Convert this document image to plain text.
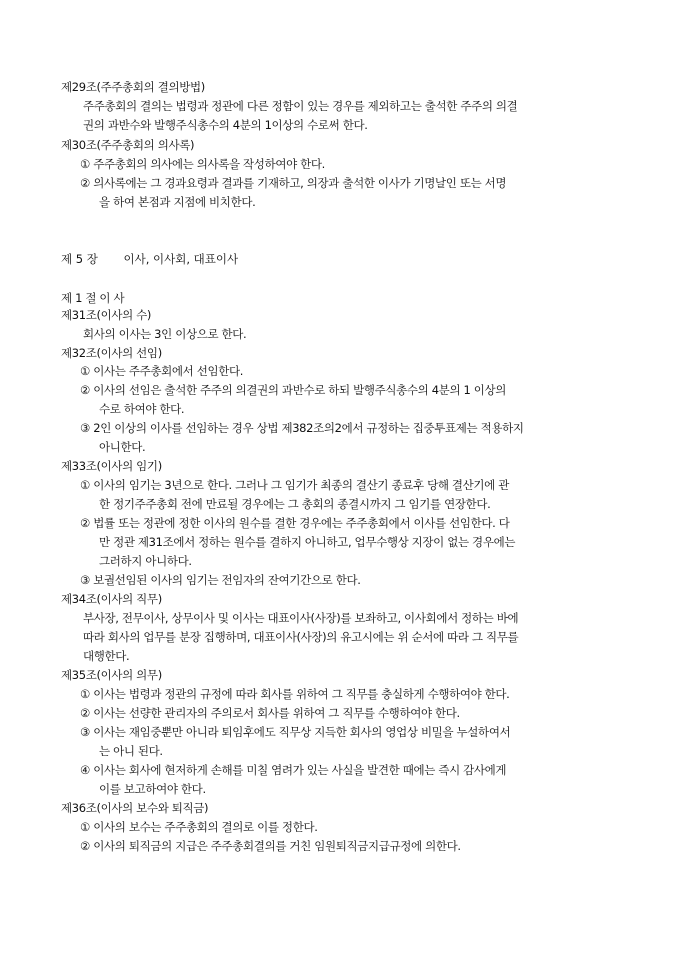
제29조(주주총회의 결의방법)
주주총회의 결의는 법령과 정관에 다른 정함이 있는 경우를 제외하고는 출석한 주주의 의결
권의 과반수와 발행주식총수의 4분의 1이상의 수로써 한다.
제30조(주주총회의 의사록)
① 주주총회의 의사에는 의사록을 작성하여야 한다.
② 의사록에는 그 경과요령과 결과를 기재하고, 의장과 출석한 이사가 기명날인 또는 서명
을 하여 본점과 지점에 비치한다.
제 5 장 이사, 이사회, 대표이사
제 1 절 이 사
제31조(이사의 수)
회사의 이사는 3인 이상으로 한다.
제32조(이사의 선임)
① 이사는 주주총회에서 선임한다.
② 이사의 선임은 출석한 주주의 의결권의 과반수로 하되 발행주식총수의 4분의 1 이상의
수로 하여야 한다.
③ 2인 이상의 이사를 선임하는 경우 상법 제382조의2에서 규정하는 집중투표제는 적용하지
아니한다.
제33조(이사의 임기)
① 이사의 임기는 3년으로 한다. 그러나 그 임기가 최종의 결산기 종료후 당해 결산기에 관
한 정기주주총회 전에 만료될 경우에는 그 총회의 종결시까지 그 임기를 연장한다.
② 법률 또는 정관에 정한 이사의 원수를 결한 경우에는 주주총회에서 이사를 선임한다. 다
만 정관 제31조에서 정하는 원수를 결하지 아니하고, 업무수행상 지장이 없는 경우에는
그러하지 아니하다.
③ 보궐선임된 이사의 임기는 전임자의 잔여기간으로 한다.
제34조(이사의 직무)
부사장, 전무이사, 상무이사 및 이사는 대표이사(사장)를 보좌하고, 이사회에서 정하는 바에
따라 회사의 업무를 분장 집행하며, 대표이사(사장)의 유고시에는 위 순서에 따라 그 직무를
대행한다.
제35조(이사의 의무)
① 이사는 법령과 정관의 규정에 따라 회사를 위하여 그 직무를 충실하게 수행하여야 한다.
② 이사는 선량한 관리자의 주의로서 회사를 위하여 그 직무를 수행하여야 한다.
③ 이사는 재임중뿐만 아니라 퇴임후에도 직무상 지득한 회사의 영업상 비밀을 누설하여서
는 아니 된다.
④ 이사는 회사에 현저하게 손해를 미칠 염려가 있는 사실을 발견한 때에는 즉시 감사에게
이를 보고하여야 한다.
제36조(이사의 보수와 퇴직금)
① 이사의 보수는 주주총회의 결의로 이를 정한다.
② 이사의 퇴직금의 지급은 주주총회결의를 거친 임원퇴직금지급규정에 의한다.
